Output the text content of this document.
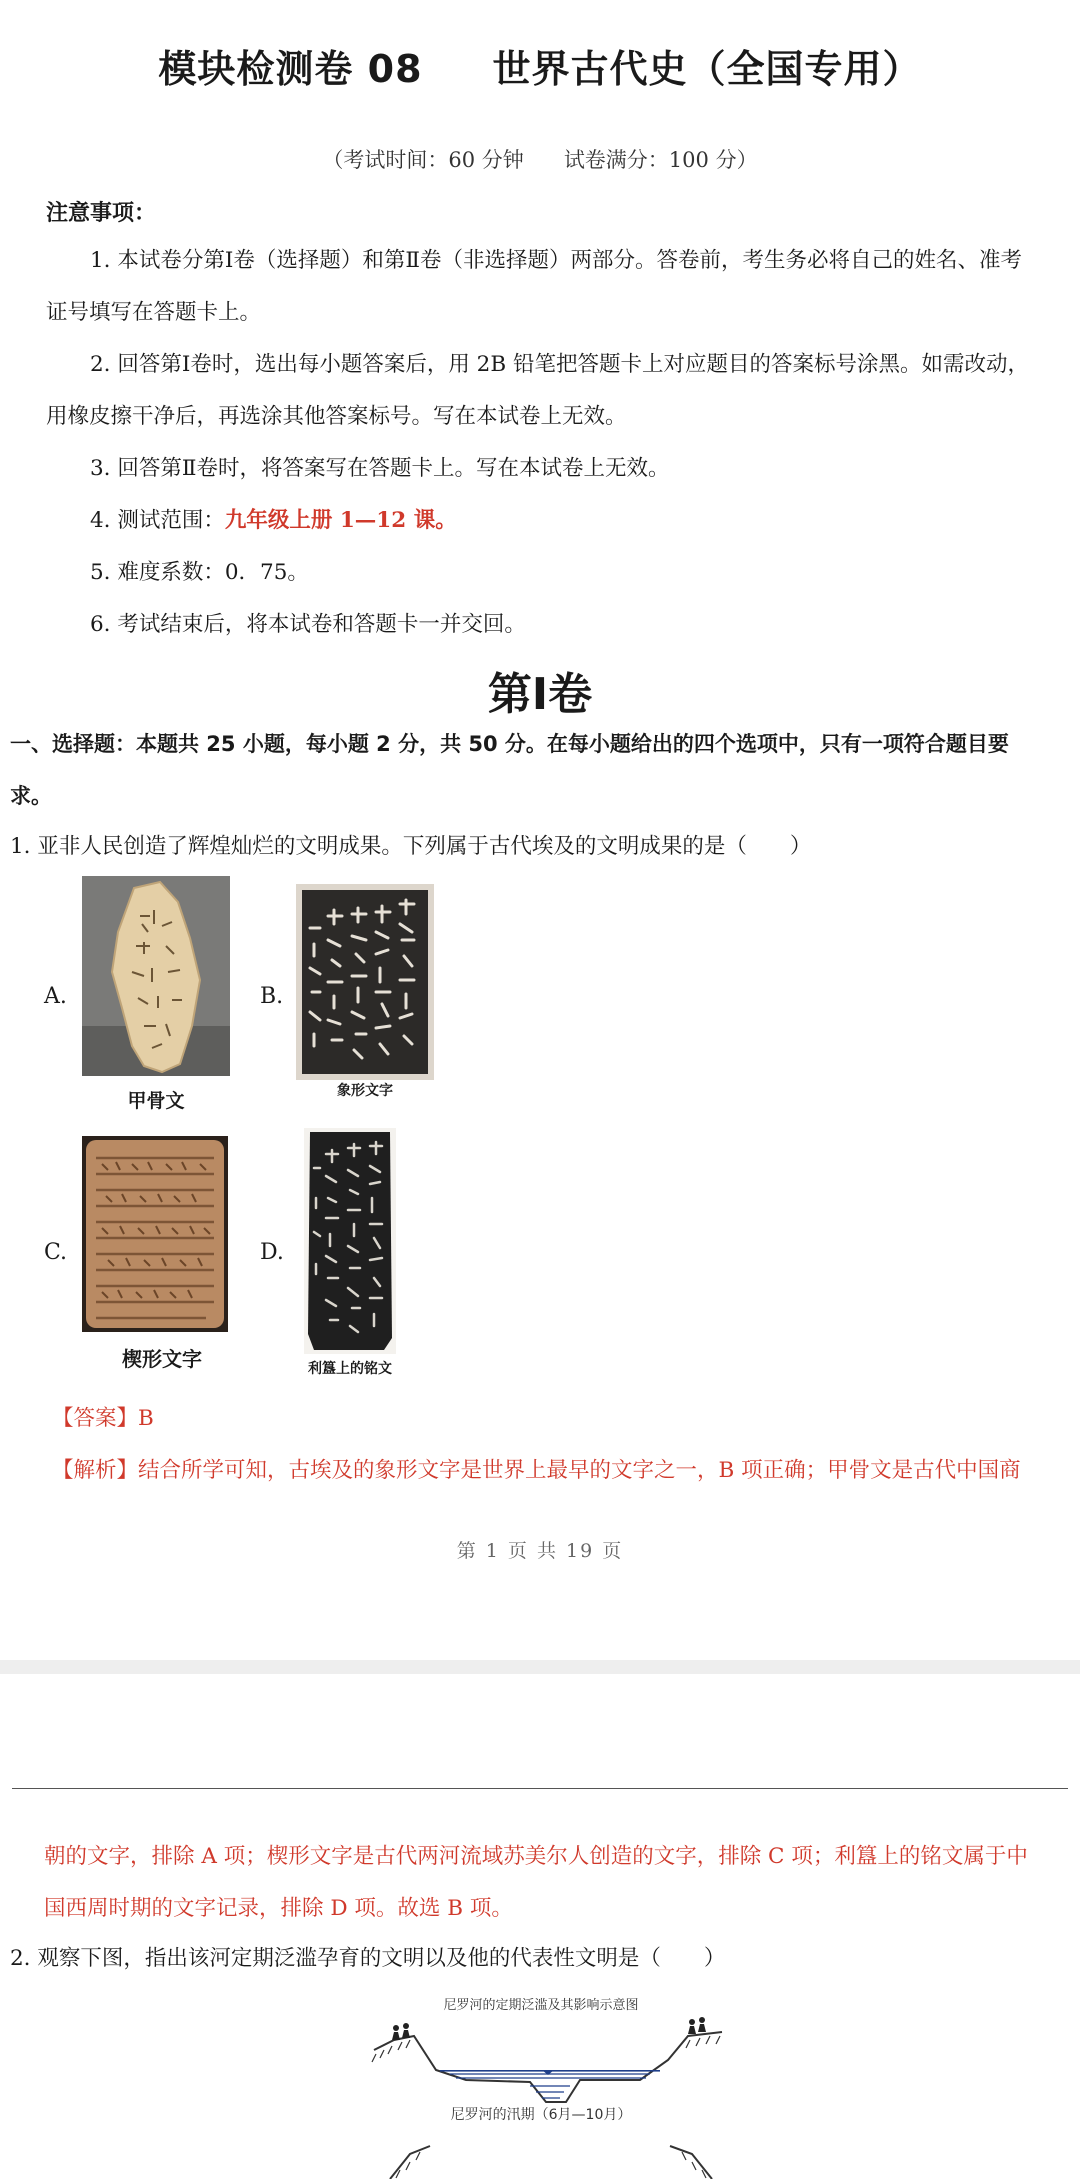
模块检测卷 08 世界古代史（全国专用）
（考试时间：60 分钟 试卷满分：100 分）
注意事项：
1. 本试卷分第Ⅰ卷（选择题）和第Ⅱ卷（非选择题）两部分。答卷前，考生务必将自己的姓名、准考
证号填写在答题卡上。
2. 回答第Ⅰ卷时，选出每小题答案后，用 2B 铅笔把答题卡上对应题目的答案标号涂黑。如需改动，
用橡皮擦干净后，再选涂其他答案标号。写在本试卷上无效。
3. 回答第Ⅱ卷时，将答案写在答题卡上。写在本试卷上无效。
4. 测试范围：九年级上册 1—12 课。
5. 难度系数：0．75。
6. 考试结束后，将本试卷和答题卡一并交回。
第Ⅰ卷
一、选择题：本题共 25 小题，每小题 2 分，共 50 分。在每小题给出的四个选项中，只有一项符合题目要
求。
1. 亚非人民创造了辉煌灿烂的文明成果。下列属于古代埃及的文明成果的是（　　）
A.
甲骨文
B.
象形文字
C.
楔形文字
D.
利簋上的铭文
【答案】B
【解析】结合所学可知，古埃及的象形文字是世界上最早的文字之一，B 项正确；甲骨文是古代中国商
第 1 页 共 19 页
朝的文字，排除 A 项；楔形文字是古代两河流域苏美尔人创造的文字，排除 C 项；利簋上的铭文属于中
国西周时期的文字记录，排除 D 项。故选 B 项。
2. 观察下图，指出该河定期泛滥孕育的文明以及他的代表性文明是（　　）
尼罗河的定期泛滥及其影响示意图
尼罗河的汛期（6月—10月）
